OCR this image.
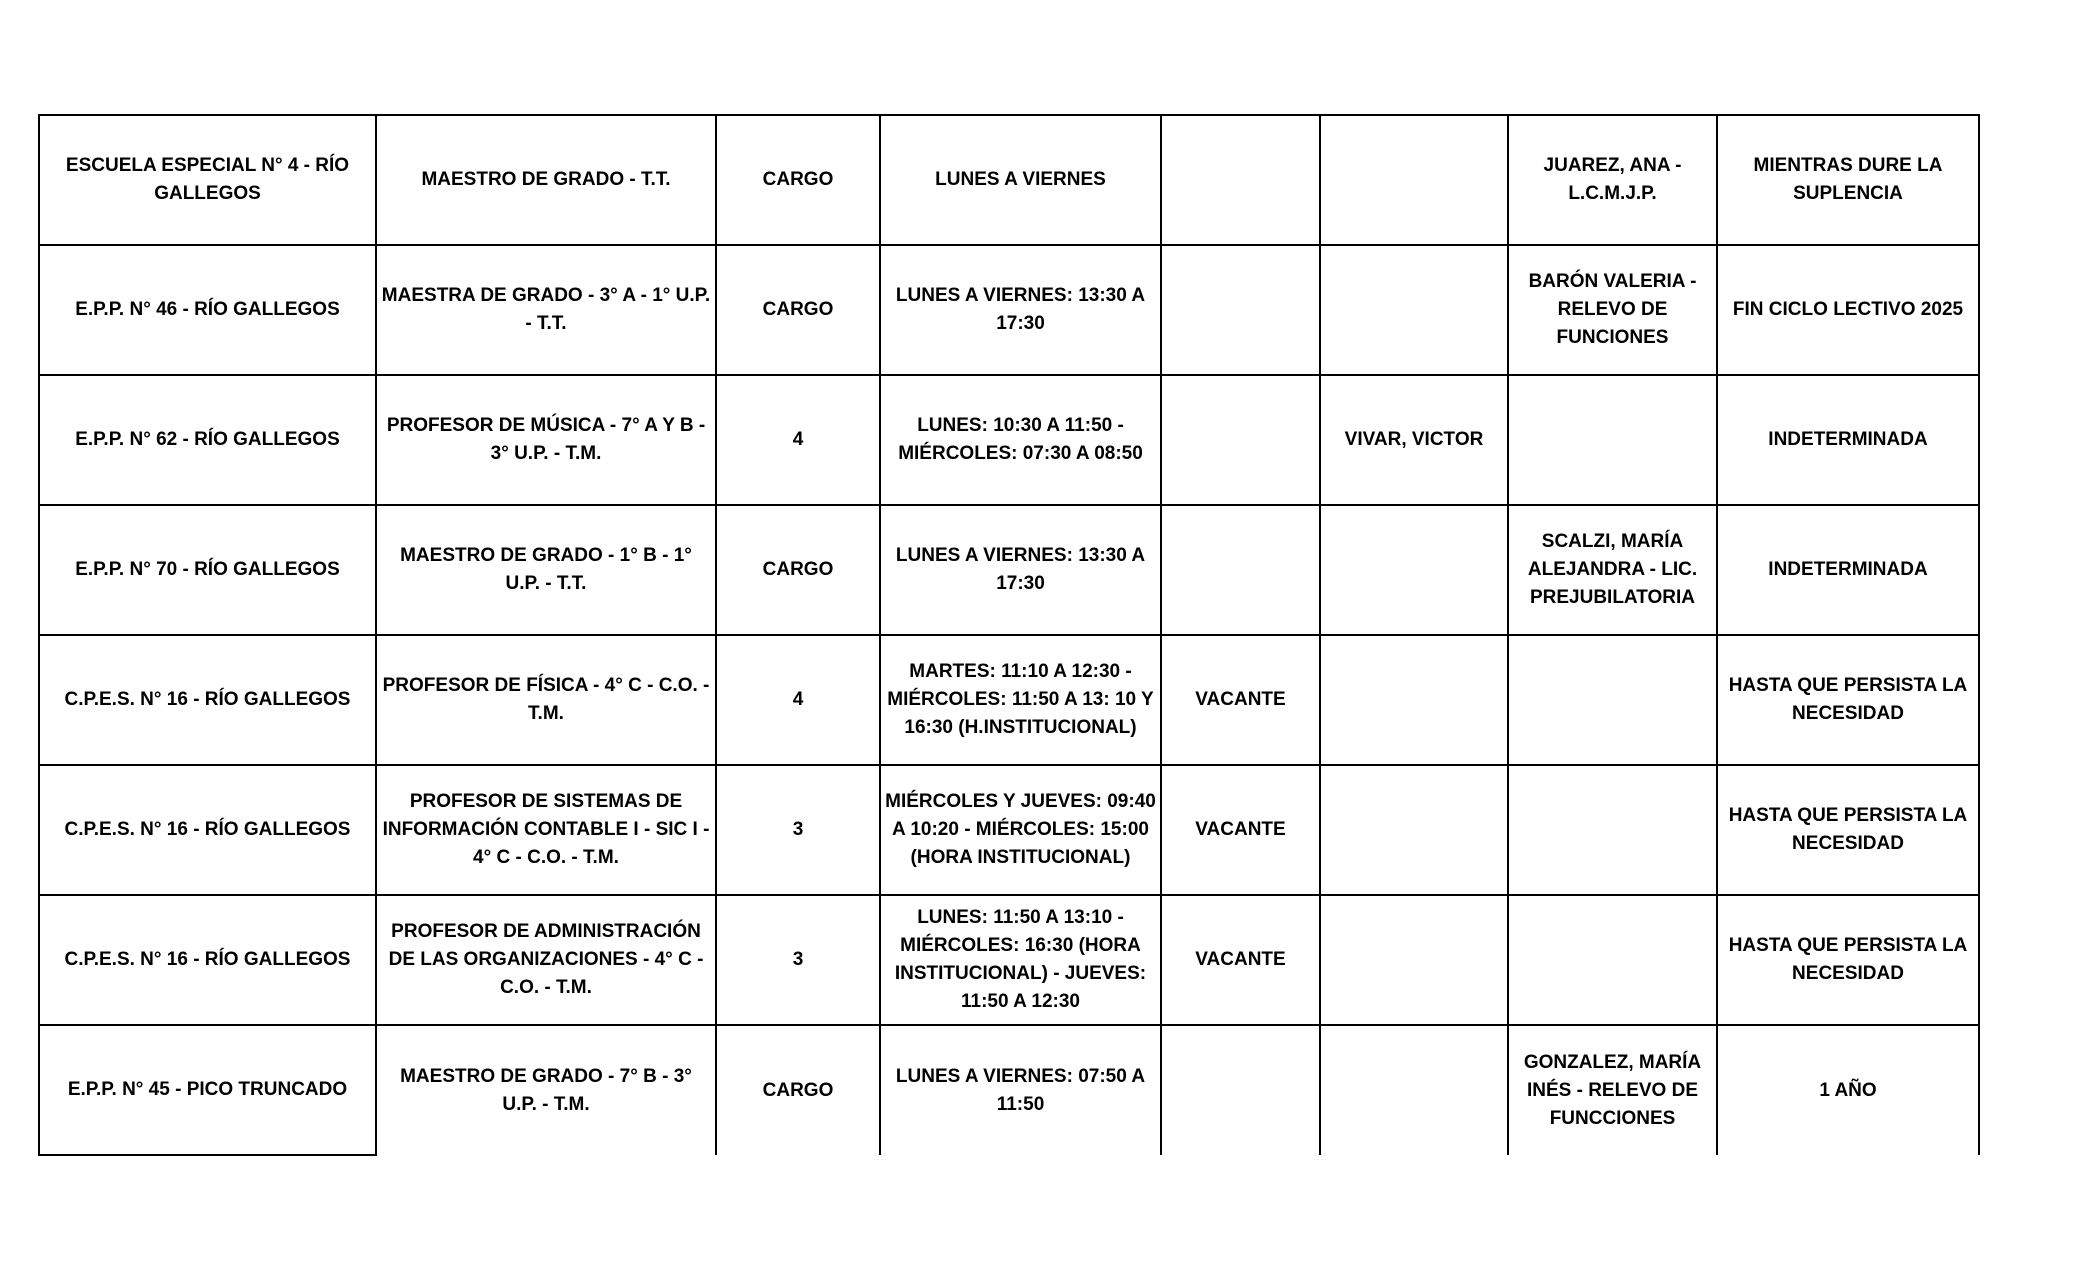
ESCUELA ESPECIAL N° 4 - RÍO GALLEGOS	MAESTRO DE GRADO - T.T.	CARGO	LUNES A VIERNES			JUAREZ, ANA - L.C.M.J.P.	MIENTRAS DURE LA SUPLENCIA
E.P.P. N° 46 - RÍO GALLEGOS	MAESTRA DE GRADO - 3° A - 1° U.P. - T.T.	CARGO	LUNES A VIERNES: 13:30 A 17:30			BARÓN VALERIA - RELEVO DE FUNCIONES	FIN CICLO LECTIVO 2025
E.P.P. N° 62 - RÍO GALLEGOS	PROFESOR DE MÚSICA - 7° A Y B - 3° U.P. - T.M.	4	LUNES: 10:30 A 11:50 - MIÉRCOLES: 07:30 A 08:50		VIVAR, VICTOR		INDETERMINADA
E.P.P. N° 70 - RÍO GALLEGOS	MAESTRO DE GRADO - 1° B - 1° U.P. - T.T.	CARGO	LUNES A VIERNES: 13:30 A 17:30			SCALZI, MARÍA ALEJANDRA - LIC. PREJUBILATORIA	INDETERMINADA
C.P.E.S. N° 16 - RÍO GALLEGOS	PROFESOR DE FÍSICA - 4° C - C.O. - T.M.	4	MARTES: 11:10 A 12:30 - MIÉRCOLES: 11:50 A 13: 10 Y 16:30 (H.INSTITUCIONAL)	VACANTE			HASTA QUE PERSISTA LA NECESIDAD
C.P.E.S. N° 16 - RÍO GALLEGOS	PROFESOR DE SISTEMAS DE INFORMACIÓN CONTABLE I - SIC I - 4° C - C.O. - T.M.	3	MIÉRCOLES Y JUEVES: 09:40 A 10:20 - MIÉRCOLES: 15:00 (HORA INSTITUCIONAL)	VACANTE			HASTA QUE PERSISTA LA NECESIDAD
C.P.E.S. N° 16 - RÍO GALLEGOS	PROFESOR DE ADMINISTRACIÓN DE LAS ORGANIZACIONES - 4° C - C.O. - T.M.	3	LUNES: 11:50 A 13:10 - MIÉRCOLES: 16:30 (HORA INSTITUCIONAL) - JUEVES: 11:50 A 12:30	VACANTE			HASTA QUE PERSISTA LA NECESIDAD
E.P.P. N° 45 - PICO TRUNCADO	MAESTRO DE GRADO - 7° B - 3° U.P. - T.M.	CARGO	LUNES A VIERNES: 07:50 A 11:50			GONZALEZ, MARÍA INÉS - RELEVO DE FUNCCIONES	1 AÑO
